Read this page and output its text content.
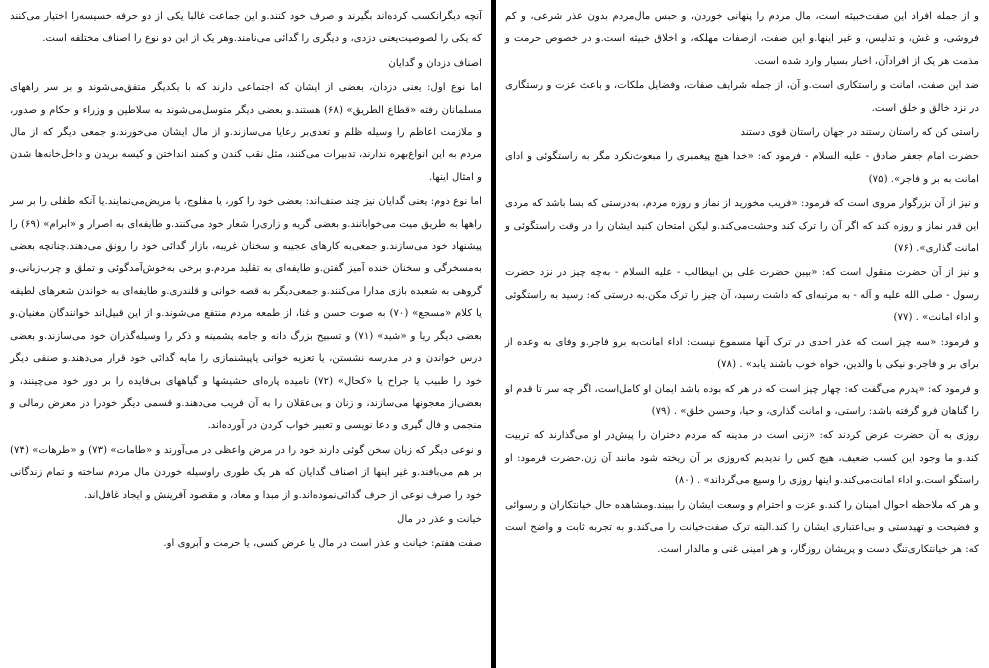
آنچه دیگرانکسب کرده‌اند بگیرند و صرف خود کنند.و این جماعت غالبا یکی از دو حرفه خسیسه‌را اختیار می‌کنند که یکی را لصوصیت‌یعنی دزدی، و دیگری را گدائی می‌نامند.وهر یک از این دو نوع را اصناف مختلفه است.

اصناف دزدان و گدایان

اما نوع اول: یعنی دزدان، بعضی از ایشان که اجتماعی دارند که با یکدیگر متفق‌می‌شوند و بر سر راههای مسلمانان رفته «قطاع الطریق» (۶۸) هستند.و بعضی دیگر متوسل‌می‌شوند به سلاطین و وزراء و حکام و صدور، و ملازمت اعاظم را وسیله ظلم و تعدی‌بر رعایا می‌سازند.و از مال ایشان می‌خورند.و جمعی دیگر که از مال مردم به این انواع‌بهره ندارند، تدبیرات می‌کنند، مثل نقب کندن و کمند انداختن و کیسه بریدن و داخل‌خانه‌ها شدن و امثال اینها.

اما نوع دوم: یعنی گدایان نیز چند صنف‌اند: بعضی خود را کور، یا مفلوج، یا مریض‌می‌نمایند.یا آنکه طفلی را بر سر راهها به طریق میت می‌خوابانند.و بعضی گریه و زاری‌را شعار خود می‌کنند.و طایفه‌ای به اصرار و «ابرام» (۶۹) را پیشنهاد خود می‌سازند.و جمعی‌به کارهای عجیبه و سخنان غریبه، بازار گدائی خود را رونق می‌دهند.چنانچه بعضی به‌مسخرگی و سخنان خنده آمیز گفتن.و طایفه‌ای به تقلید مردم.و برخی به‌خوش‌آمدگوئی و تملق و چرب‌زبانی.و گروهی به شعبده بازی مدارا می‌کنند.و جمعی‌دیگر به قصه خوانی و قلندری.و طایفه‌ای به خواندن شعرهای لطیفه یا کلام «مسجع» (۷۰) به صوت حسن و غنا، از طمعه مردم منتفع می‌شوند.و از این قبیل‌اند خوانندگان مغنیان.و بعضی دیگر ریا و «شید» (۷۱) و تسبیح بزرگ دانه و جامه پشمینه و ذکر را وسیله‌گذران خود می‌سازند.و بعضی درس خواندن و در مدرسه نشستن، یا تعزیه خوانی یاپیشنمازی را مایه گدائی خود قرار می‌دهند.و صنفی دیگر خود را طبیب یا جراح یا «کحال» (۷۲) نامیده پاره‌ای حشیشها و گیاههای بی‌فایده را بر دور خود می‌چینند، و بعضی‌از معجونها می‌سازند، و زنان و بی‌عقلان را به آن فریب می‌دهند.و قسمی دیگر خودرا در معرض رمالی و منجمی و فال گیری و دعا نویسی و تعبیر خواب کردن در آورده‌اند.

و نوعی دیگر که زبان سخن گوئی دارند خود را در مرض واعظی در می‌آورند و «طامات» (۷۳) و «طرهات» (۷۴) بر هم می‌بافند.و غیر اینها از اصناف گدایان که هر یک طوری راوسیله خوردن مال مردم ساخته و تمام زندگانی خود را صرف نوعی از حرف گدائی‌نموده‌اند.و از مبدا و معاد، و مقصود آفرینش و ایجاد غافل‌اند.

خیانت و عذر در مال

صفت هفتم: خیانت و عذر است در مال یا عرض کسی، یا حرمت و آبروی او.

و از جمله افراد این صفت‌خبیثه است، مال مردم را پنهانی خوردن، و حبس مال‌مردم بدون عذر شرعی، و کم فروشی، و غش، و تدلیس، و غیر اینها.و این صفت، ازصفات مهلکه، و اخلاق خبیثه است.و در خصوص حرمت و مذمت هر یک از افرادآن، اخبار بسیار وارد شده است.

ضد این صفت، امانت و راستکاری است.و آن، از جمله شرایف صفات، وفضایل ملکات، و باعث عزت و رستگاری در نزد خالق و خلق است.

راستی کن که راستان رستند در جهان راستان قوی دستند

حضرت امام جعفر صادق - علیه السلام - فرمود که: «خدا هیچ پیغمبری را مبعوث‌نکرد مگر به راستگوئی و ادای امانت به بر و فاجر». (۷۵)

و نیز از آن بزرگوار مروی است که فرمود: «فریب مخورید از نماز و روزه مردم، به‌درستی که بسا باشد که مردی این قدر نماز و روزه کند که اگر آن را ترک کند وحشت‌می‌کند.و لیکن امتحان کنید ایشان را در وقت راستگوئی و امانت گذاری». (۷۶)

و نیز از آن حضرت منقول است که: «بیبن حضرت علی بن ابیطالب - علیه السلام - به‌چه چیز در نزد حضرت رسول - صلی الله علیه و آله - به مرتبه‌ای که داشت رسید، آن چیز را ترک مکن.به درستی که: رسید به راستگوئی و اداء امانت» . (۷۷)

و فرمود: «سه چیز است که عذر احدی در ترک آنها مسموع نیست: اداء امانت‌به برو فاجر.و وفای به وعده از برای بر و فاجر.و نیکی با والدین، خواه خوب باشند یابد» . (۷۸)

و فرمود که: «پدرم می‌گفت که: چهار چیز است که در هر که بوده باشد ایمان او کامل‌است، اگر چه سر تا قدم او را گناهان فرو گرفته باشد: راستی، و امانت گذاری، و حیا، وحسن خلق» . (۷۹)

روزی به آن حضرت عرض کردند که: «زنی است در مدینه که مردم دختران را پیش‌در او می‌گذارند که تربیت کند.و ما وجود این کسب ضعیف، هیچ کس را ندیدیم که‌روزی بر آن ریخته شود مانند آن زن.حضرت فرمود: او راستگو است.و اداء امانت‌می‌کند.و اینها روزی را وسیع می‌گرداند» . (۸۰)

و هر که ملاحظه احوال امینان را کند.و عزت و احترام و وسعت ایشان را ببیند.ومشاهده حال خیانتکاران و رسوائی و فضیحت و تهیدستی و بی‌اعتباری ایشان را کند.البته ترک صفت‌خیانت را می‌کند.و به تجربه ثابت و واضح است که: هر خیانتکاری‌تنگ دست و پریشان روزگار، و هر امینی غنی و مالدار است.
